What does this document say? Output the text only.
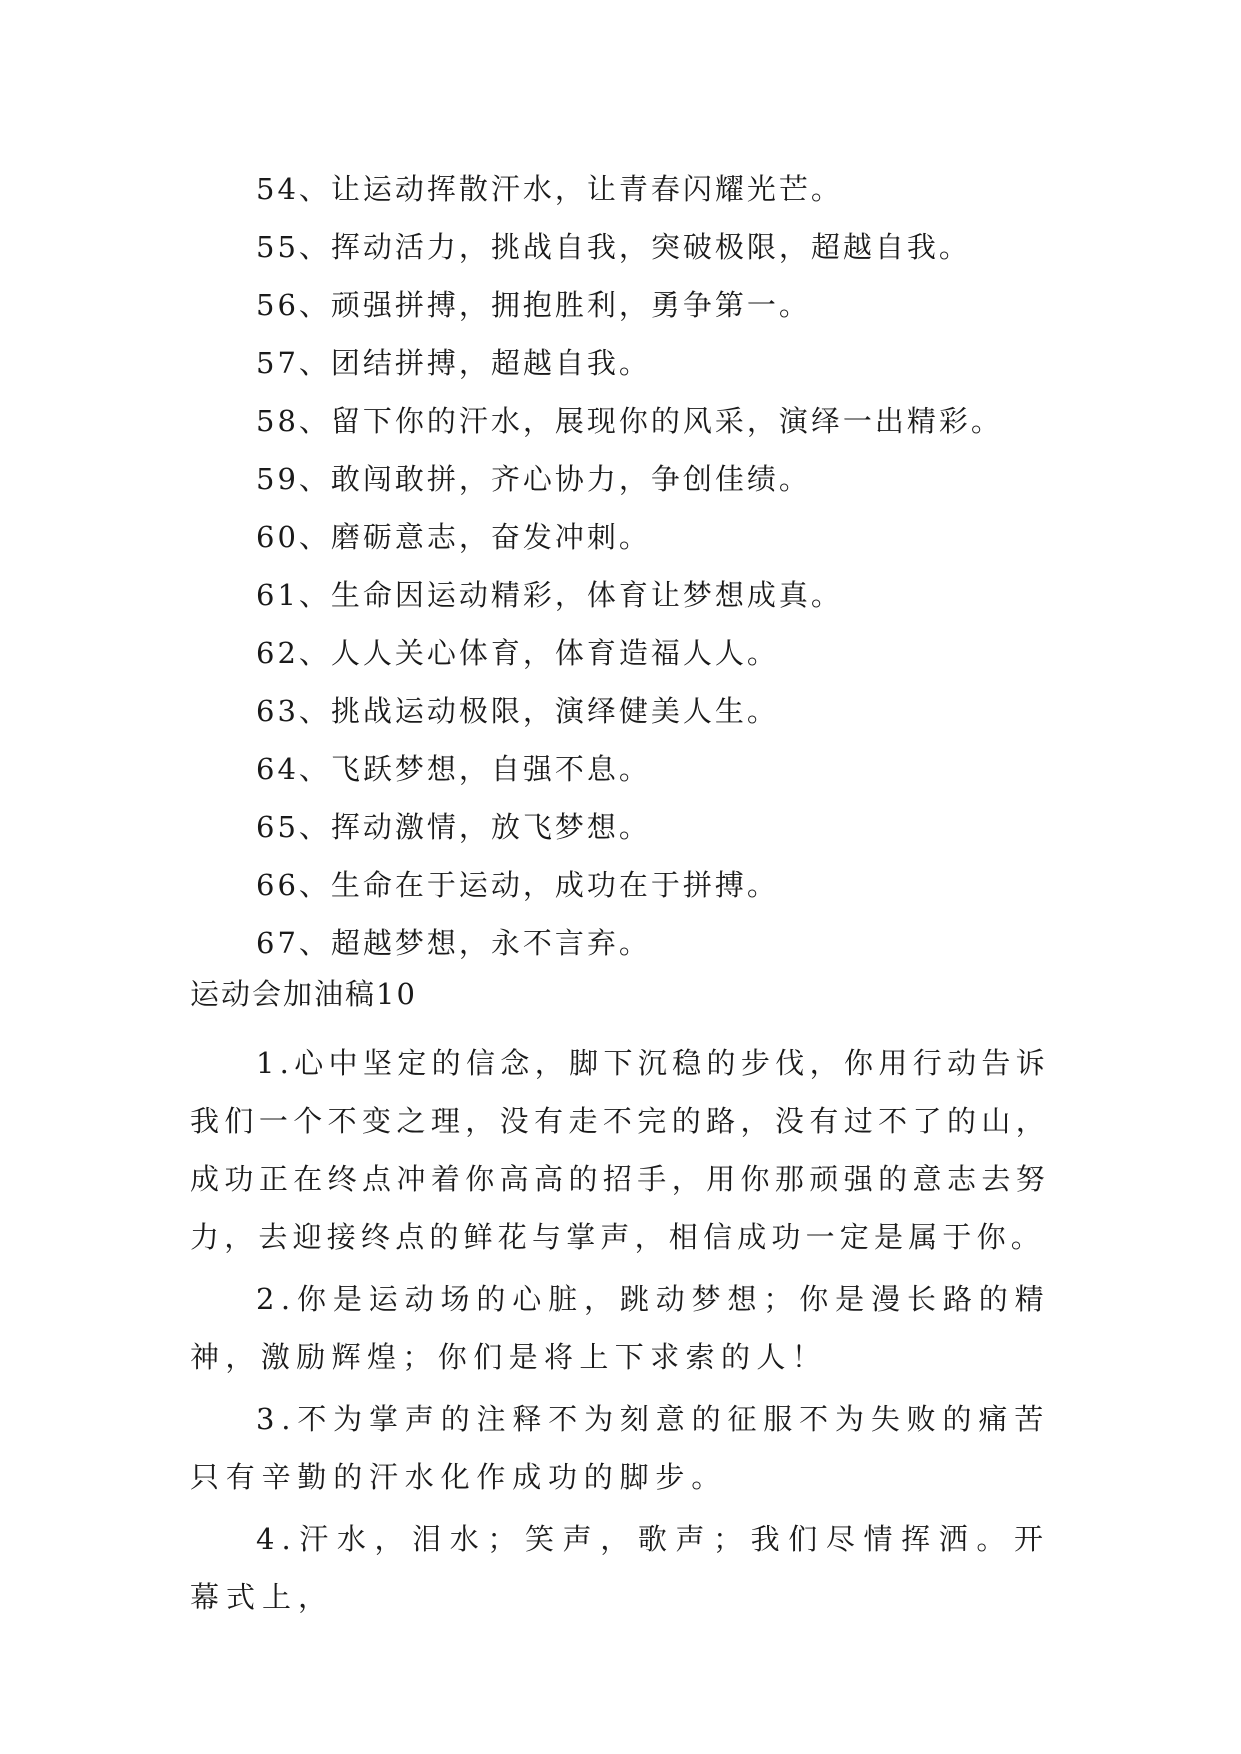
54、让运动挥散汗水，让青春闪耀光芒。
55、挥动活力，挑战自我，突破极限，超越自我。
56、顽强拼搏，拥抱胜利，勇争第一。
57、团结拼搏，超越自我。
58、留下你的汗水，展现你的风采，演绎一出精彩。
59、敢闯敢拼，齐心协力，争创佳绩。
60、磨砺意志，奋发冲刺。
61、生命因运动精彩，体育让梦想成真。
62、人人关心体育，体育造福人人。
63、挑战运动极限，演绎健美人生。
64、飞跃梦想，自强不息。
65、挥动激情，放飞梦想。
66、生命在于运动，成功在于拼搏。
67、超越梦想，永不言弃。
运动会加油稿10

1.心中坚定的信念，脚下沉稳的步伐，你用行动告诉我们一个不变之理，没有走不完的路，没有过不了的山，成功正在终点冲着你高高的招手，用你那顽强的意志去努力，去迎接终点的鲜花与掌声，相信成功一定是属于你。

2.你是运动场的心脏，跳动梦想；你是漫长路的精神，激励辉煌；你们是将上下求索的人！

3.不为掌声的注释不为刻意的征服不为失败的痛苦只有辛勤的汗水化作成功的脚步。

4.汗水，泪水；笑声，歌声；我们尽情挥洒。开幕式上，
